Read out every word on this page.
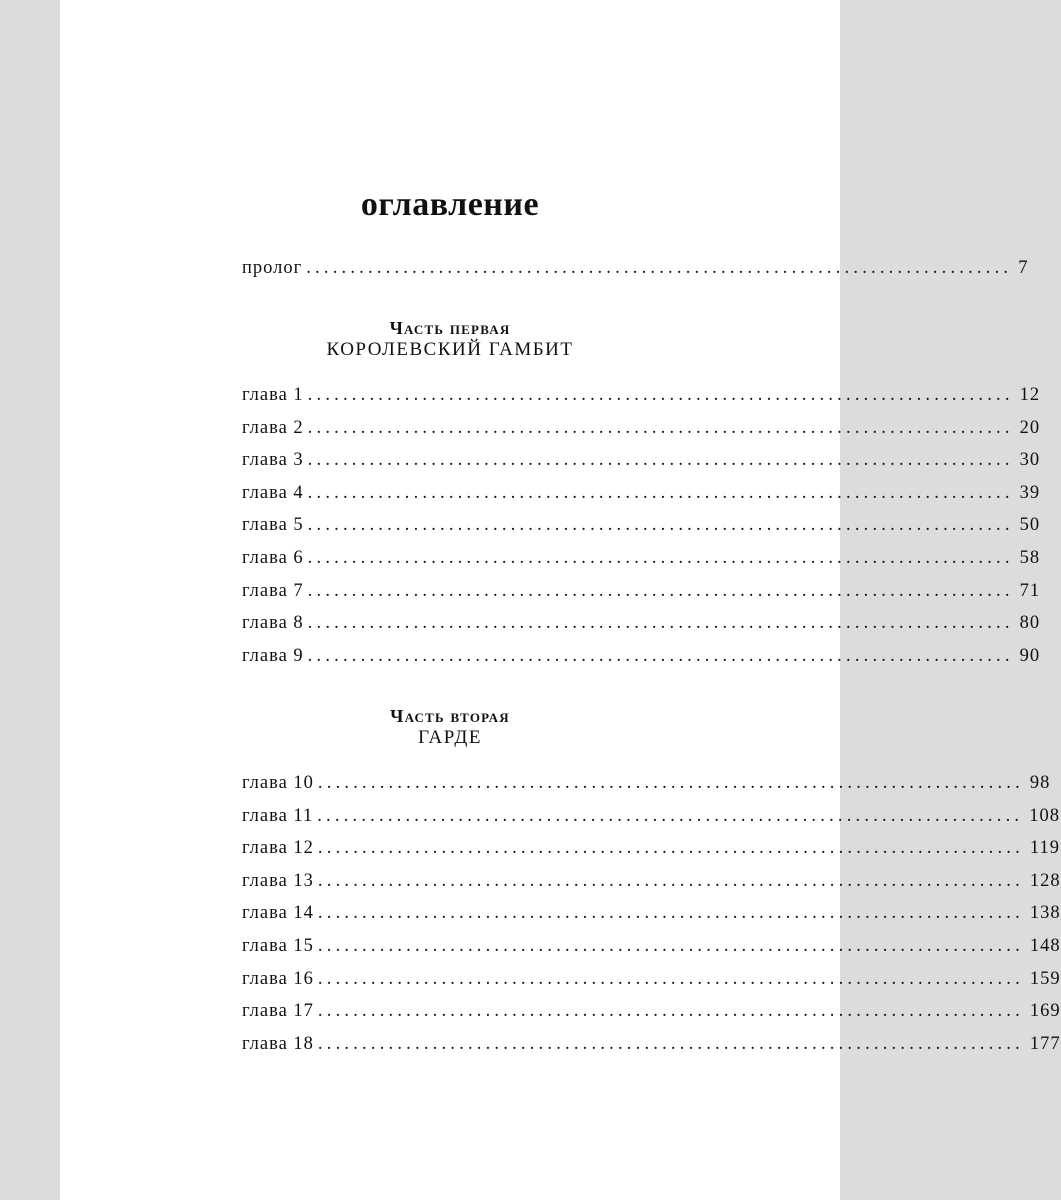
оглавление
пролог ................................................................................ 7
Часть первая
КОРОЛЕВСКИЙ ГАМБИТ
Часть вторая
ГАРДЕ
глава 1 ................................................................................ 12
глава 2 ................................................................................ 20
глава 3 ................................................................................ 30
глава 4 ................................................................................ 39
глава 5 ................................................................................ 50
глава 6 ................................................................................ 58
глава 7 ................................................................................ 71
глава 8 ................................................................................ 80
глава 9 ................................................................................ 90
глава 10 ................................................................................ 98
глава 11 ................................................................................ 108
глава 12 ................................................................................ 119
глава 13 ................................................................................ 128
глава 14 ................................................................................ 138
глава 15 ................................................................................ 148
глава 16 ................................................................................ 159
глава 17 ................................................................................ 169
глава 18 ................................................................................ 177
